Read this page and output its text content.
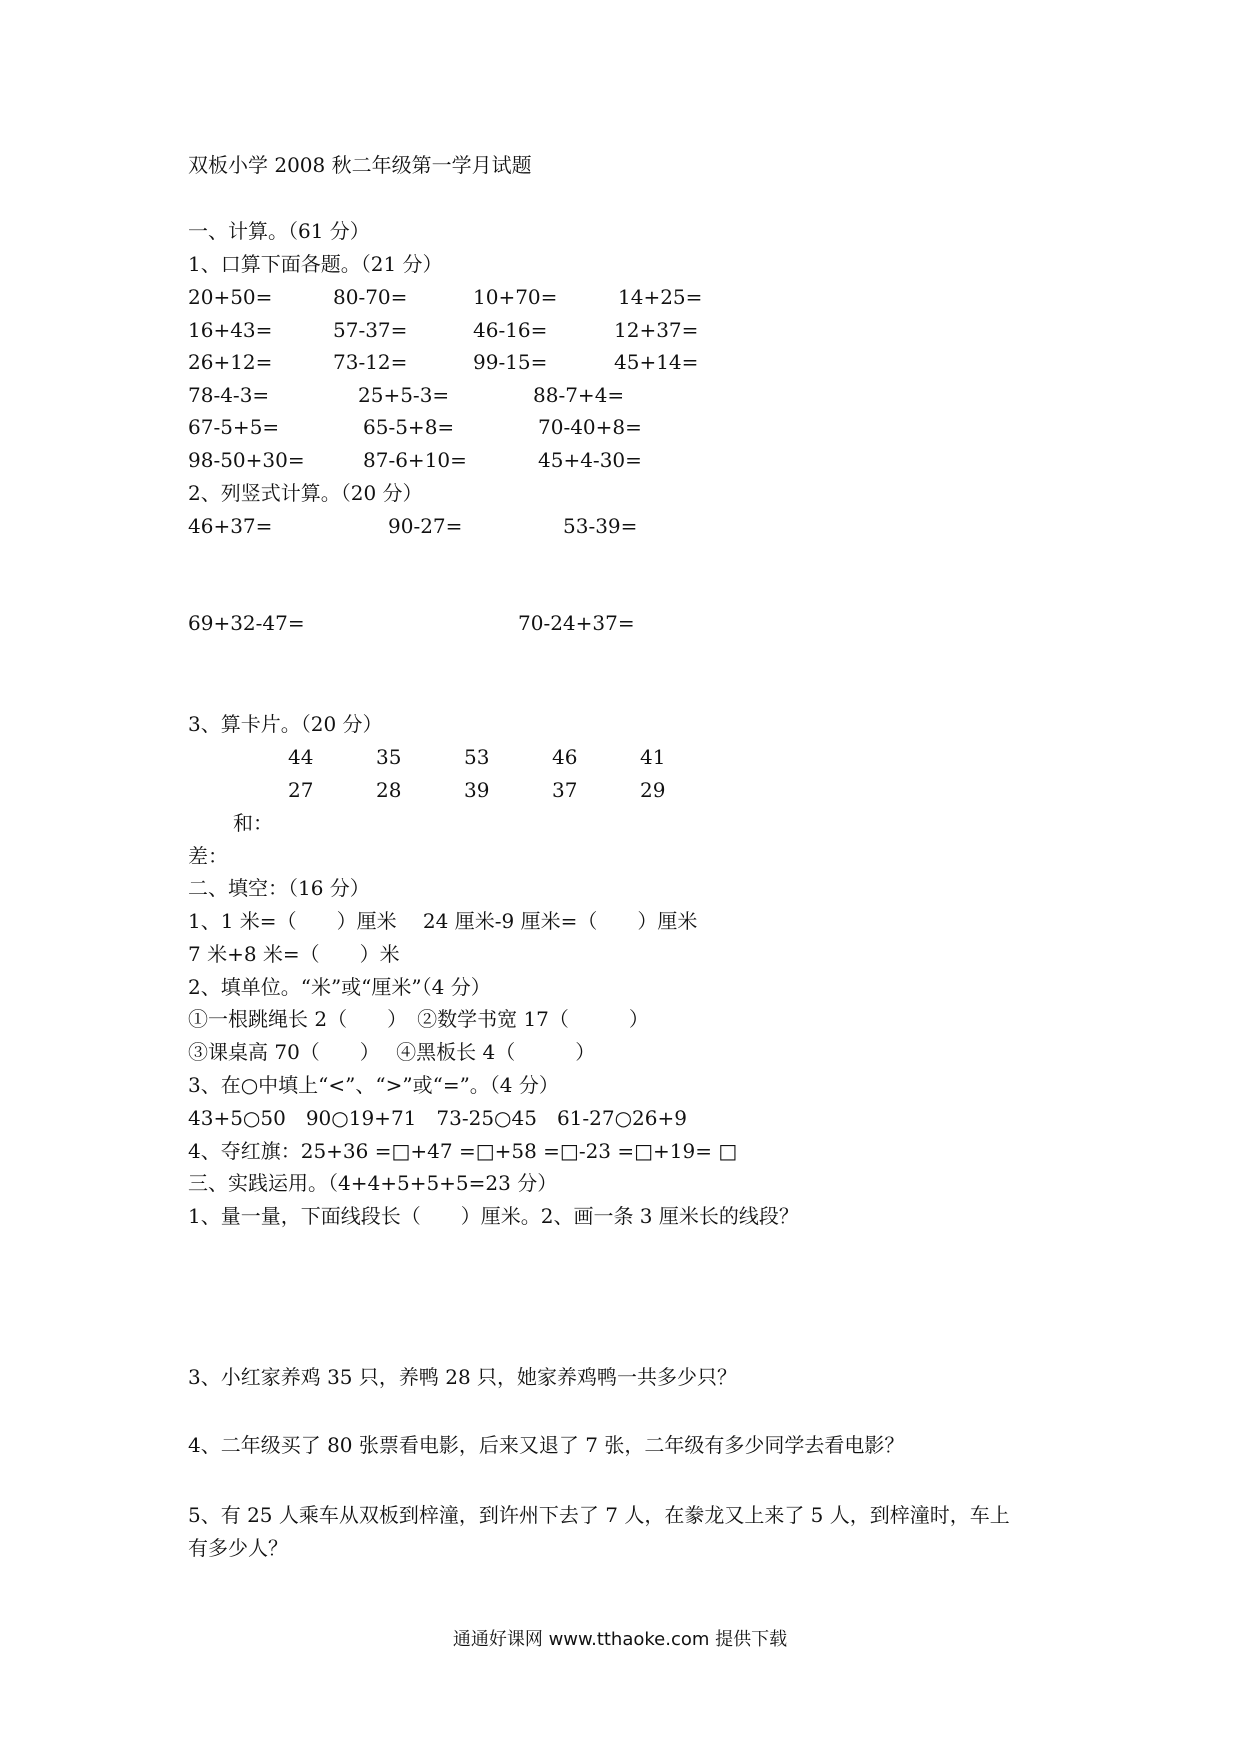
双板小学 2008 秋二年级第一学月试题
一、计算。（61 分）
1、口算下面各题。（21 分）
20+50=	80-70=	10+70=	14+25=
16+43=	57-37=	46-16=	12+37=
26+12=	73-12=	99-15=	45+14=
78-4-3=	25+5-3=	88-7+4=
67-5+5=	65-5+8=	70-40+8=
98-50+30=	87-6+10=	45+4-30=
2、列竖式计算。（20 分）
46+37=	90-27=	53-39=
69+32-47=	70-24+37=
3、算卡片。（20 分）
44	35	53	46	41
27	28	39	37	29
和：
差：
二、填空：（16 分）
1、1 米=（　　）厘米　 24 厘米-9 厘米=（　　）厘米
7 米+8 米=（　　）米
2、填单位。“米”或“厘米”（4 分）
①一根跳绳长 2（　　）　②数学书宽 17（　　　）
③课桌高 70（　　）　 ④黑板长 4（　　　）
3、在○中填上“<”、“>”或“=”。（4 分）
43+5○50　90○19+71　73-25○45　61-27○26+9
4、夺红旗：25+36 =□+47 =□+58 =□-23 =□+19= □
三、实践运用。（4+4+5+5+5=23 分）
1、量一量，下面线段长（　　）厘米。2、画一条 3 厘米长的线段？
3、小红家养鸡 35 只，养鸭 28 只，她家养鸡鸭一共多少只？
4、二年级买了 80 张票看电影，后来又退了 7 张，二年级有多少同学去看电影？
5、有 25 人乘车从双板到梓潼，到许州下去了 7 人，在豢龙又上来了 5 人，到梓潼时，车上
有多少人？
通通好课网 www.tthaoke.com 提供下载
